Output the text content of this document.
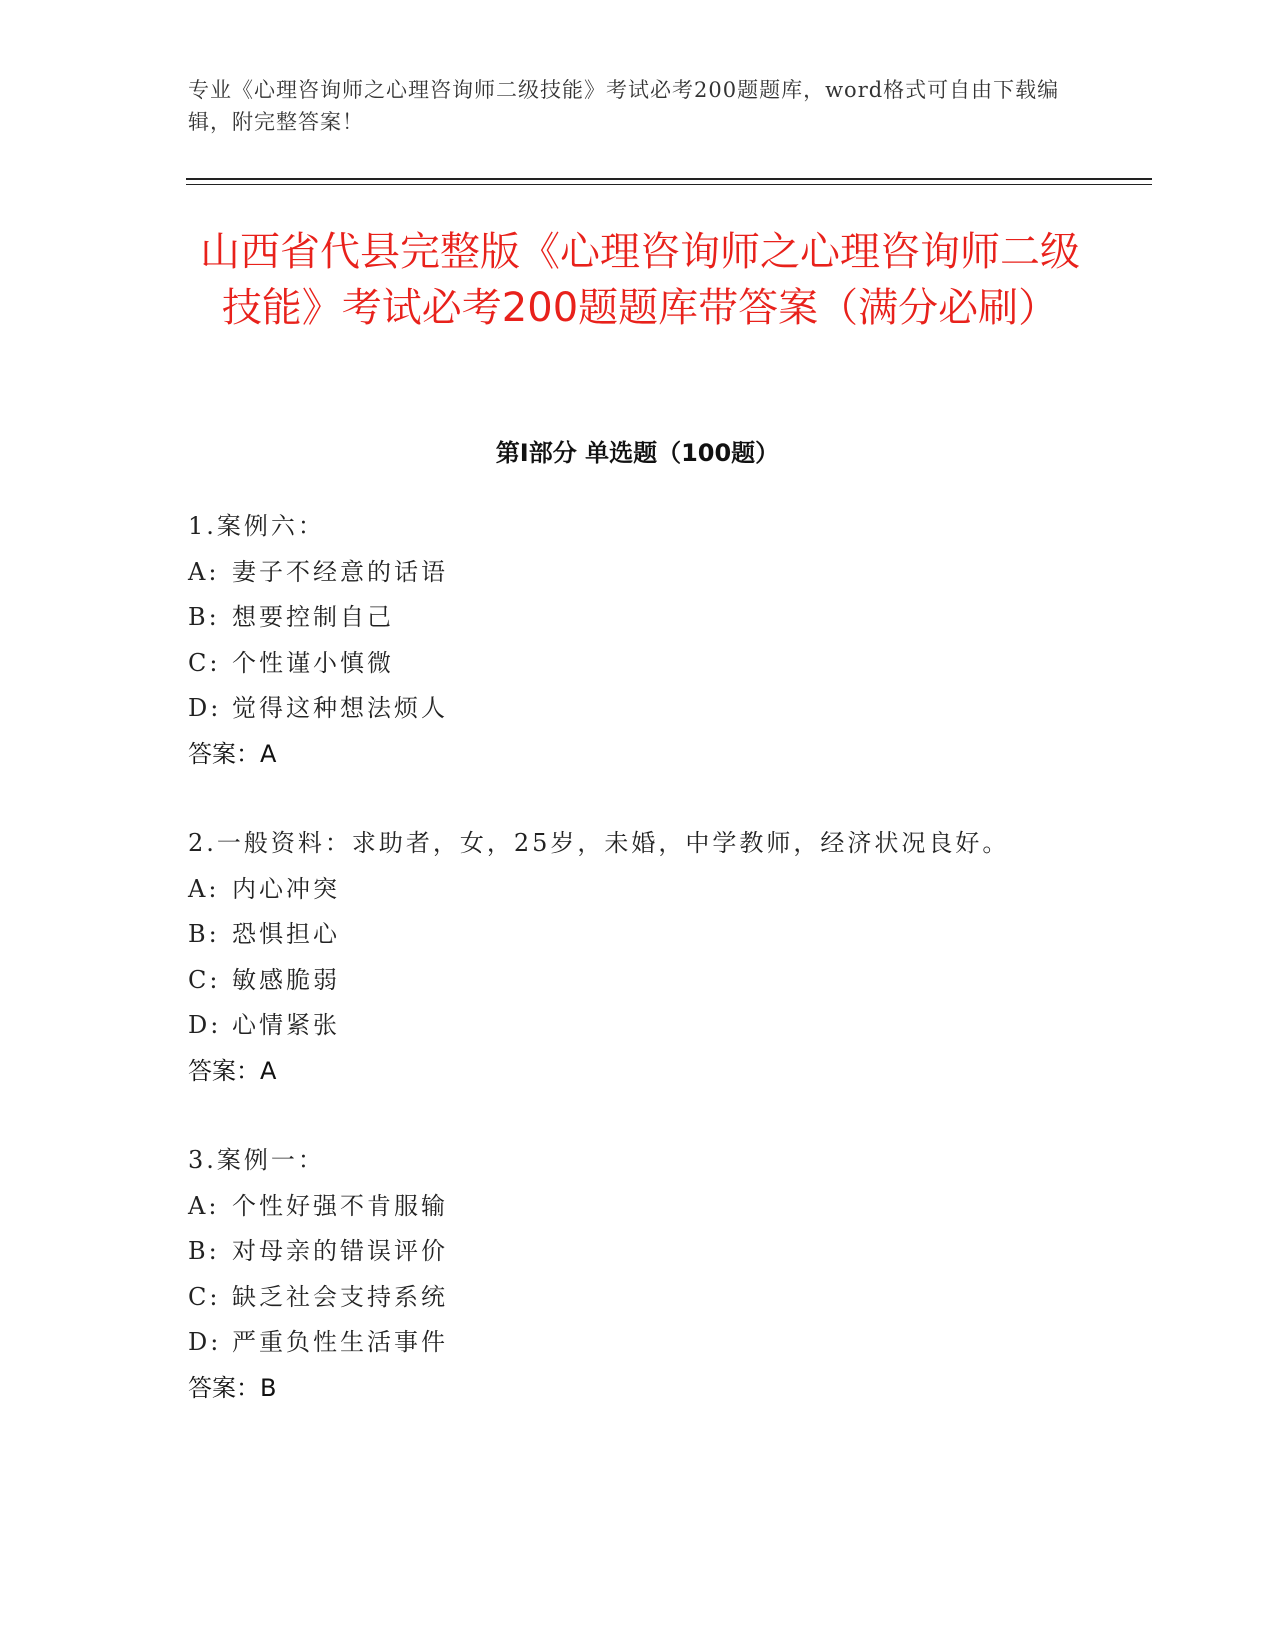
专业《心理咨询师之心理咨询师二级技能》考试必考200题题库，word格式可自由下载编辑，附完整答案！
山西省代县完整版《心理咨询师之心理咨询师二级技能》考试必考200题题库带答案（满分必刷）
第I部分 单选题（100题）
1.案例六：
A: 妻子不经意的话语
B: 想要控制自己
C: 个性谨小慎微
D: 觉得这种想法烦人
答案：A
2.一般资料：求助者，女，25岁，未婚，中学教师，经济状况良好。
A: 内心冲突
B: 恐惧担心
C: 敏感脆弱
D: 心情紧张
答案：A
3.案例一：
A: 个性好强不肯服输
B: 对母亲的错误评价
C: 缺乏社会支持系统
D: 严重负性生活事件
答案：B
